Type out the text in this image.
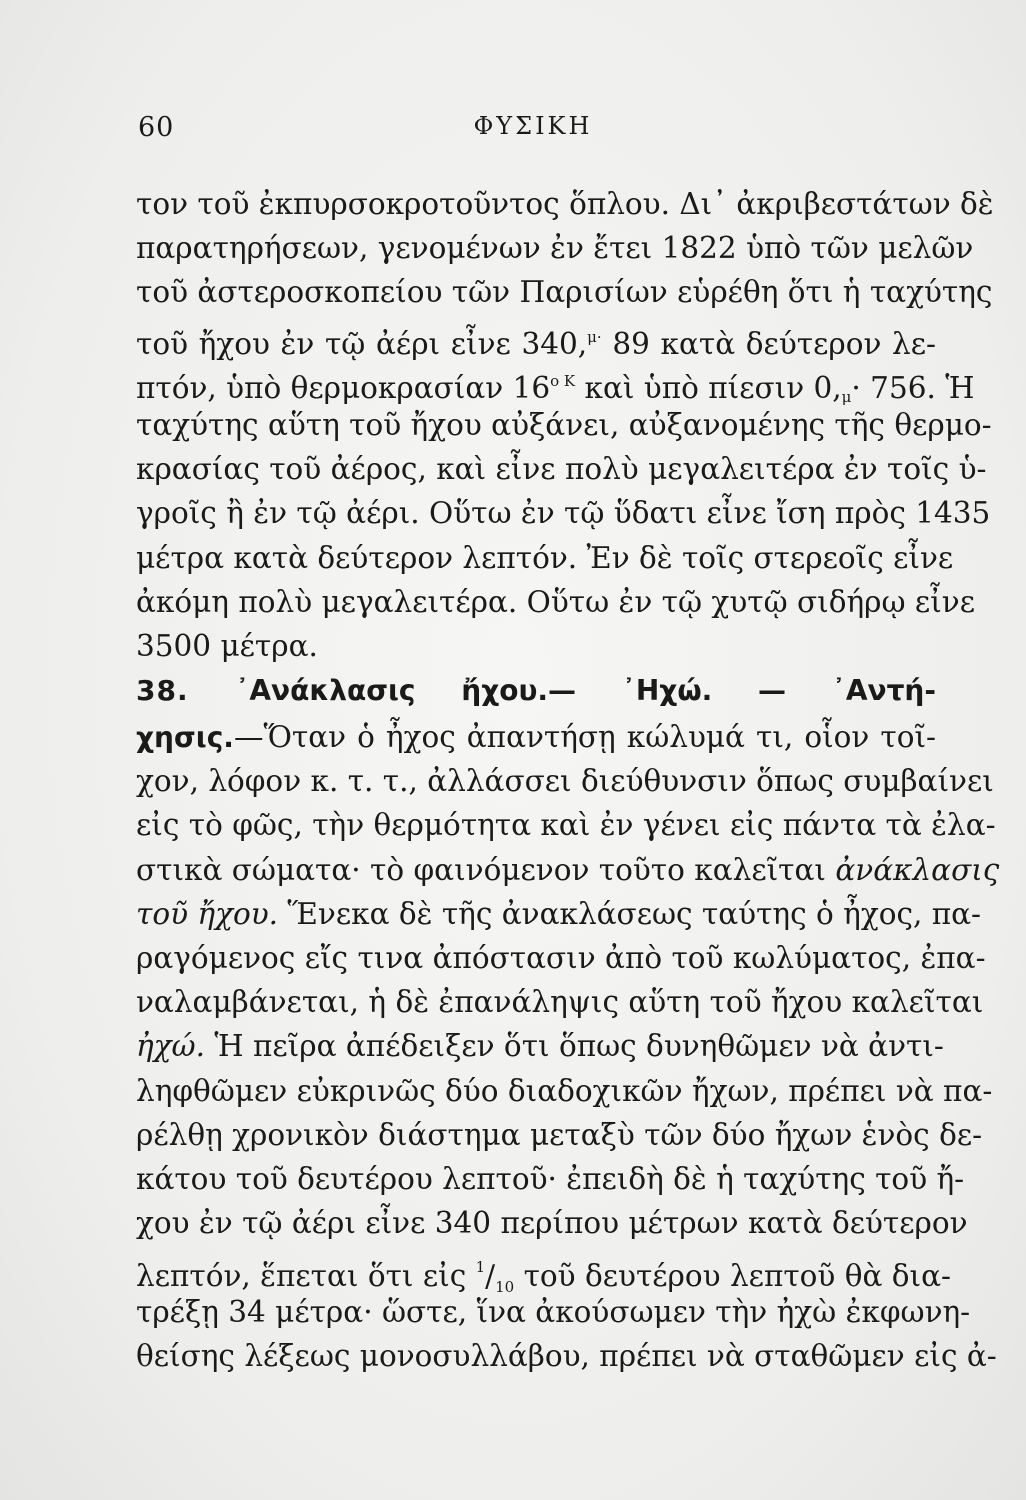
60	ΦΥΣΙΚΗ
τον τοῦ ἐκπυρσοκροτοῦντος ὅπλου. Δι᾽ ἀκριβεστάτων δὲ
παρατηρήσεων, γενομένων ἐν ἔτει 1822 ὑπὸ τῶν μελῶν
τοῦ ἀστεροσκοπείου τῶν Παρισίων εὑρέθη ὅτι ἡ ταχύτης
τοῦ ἤχου ἐν τῷ ἀέρι εἶνε 340,$^{\mu\cdot}$ 89 κατὰ δεύτερον λε-
πτόν, ὑπὸ θερμοκρασίαν $16^{o K}$ καὶ ὑπὸ πίεσιν $0,_\mu\cdot 756$. Ἡ
ταχύτης αὕτη τοῦ ἤχου αὐξάνει, αὐξανομένης τῆς θερμο-
κρασίας τοῦ ἀέρος, καὶ εἶνε πολὺ μεγαλειτέρα ἐν τοῖς ὑ-
γροῖς ἢ ἐν τῷ ἀέρι. Οὕτω ἐν τῷ ὕδατι εἶνε ἴση πρὸς 1435
μέτρα κατὰ δεύτερον λεπτόν. Ἐν δὲ τοῖς στερεοῖς εἶνε
ἀκόμη πολὺ μεγαλειτέρα. Οὕτω ἐν τῷ χυτῷ σιδήρῳ εἶνε
3500 μέτρα.
38. ᾽Ανάκλασις ἤχου.— ᾽Ηχώ. — ᾽Αντή-
χησις.—Ὅταν ὁ ἦχος ἀπαντήσῃ κώλυμά τι, οἷον τοῖ-
χον, λόφον κ. τ. τ., ἀλλάσσει διεύθυνσιν ὅπως συμβαίνει
εἰς τὸ φῶς, τὴν θερμότητα καὶ ἐν γένει εἰς πάντα τὰ ἐλα-
στικὰ σώματα· τὸ φαινόμενον τοῦτο καλεῖται ἀνάκλασις
τοῦ ἤχου. Ἕνεκα δὲ τῆς ἀνακλάσεως ταύτης ὁ ἦχος, πα-
ραγόμενος εἴς τινα ἀπόστασιν ἀπὸ τοῦ κωλύματος, ἐπα-
ναλαμβάνεται, ἡ δὲ ἐπανάληψις αὕτη τοῦ ἤχου καλεῖται
ἠχώ. Ἡ πεῖρα ἀπέδειξεν ὅτι ὅπως δυνηθῶμεν νὰ ἀντι-
ληφθῶμεν εὐκρινῶς δύο διαδοχικῶν ἤχων, πρέπει νὰ πα-
ρέλθῃ χρονικὸν διάστημα μεταξὺ τῶν δύο ἤχων ἑνὸς δε-
κάτου τοῦ δευτέρου λεπτοῦ· ἐπειδὴ δὲ ἡ ταχύτης τοῦ ἤ-
χου ἐν τῷ ἀέρι εἶνε 340 περίπου μέτρων κατὰ δεύτερον
λεπτόν, ἕπεται ὅτι εἰς $^1/_{10}$ τοῦ δευτέρου λεπτοῦ θὰ δια-
τρέξῃ 34 μέτρα· ὥστε, ἵνα ἀκούσωμεν τὴν ἠχὼ ἐκφωνη-
θείσης λέξεως μονοσυλλάβου, πρέπει νὰ σταθῶμεν εἰς ἀ-
